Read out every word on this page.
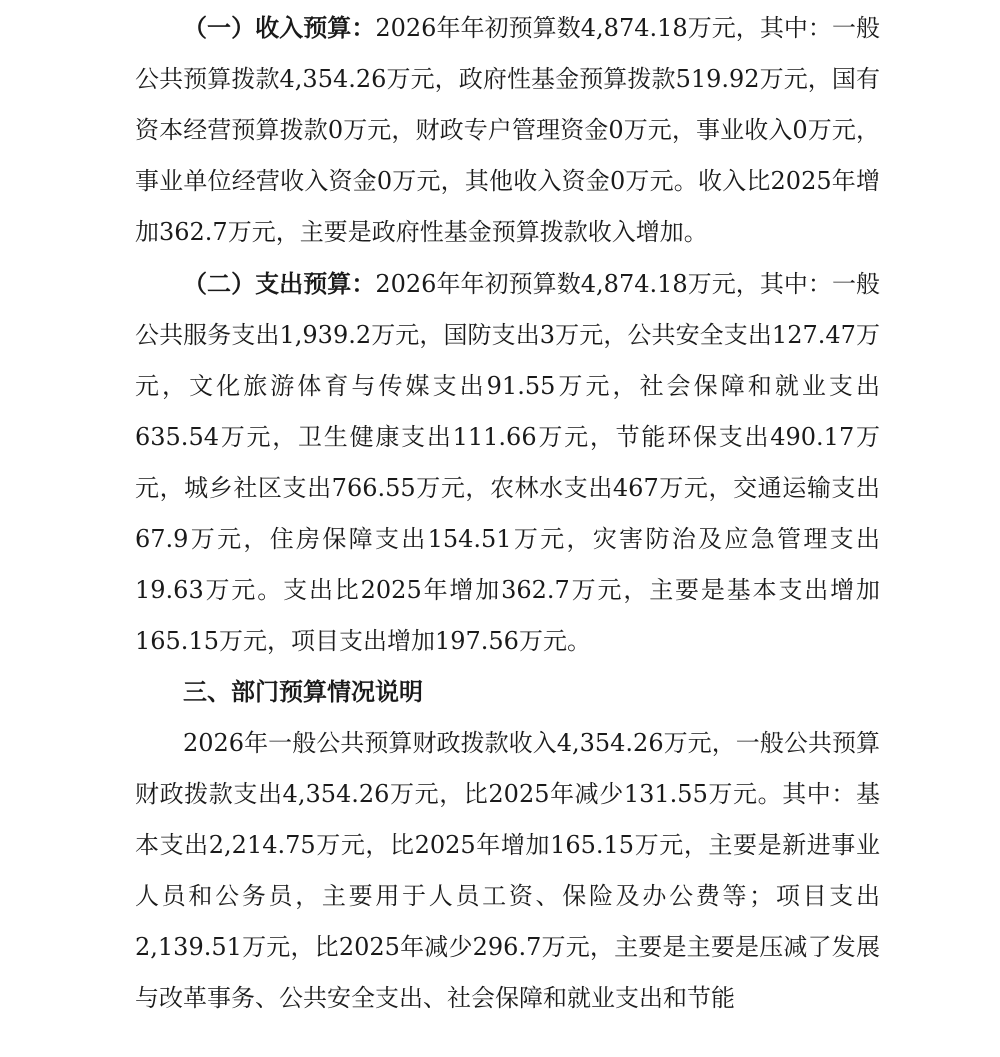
（一）收入预算：2026年年初预算数4,874.18万元，其中：一般公共预算拨款4,354.26万元，政府性基金预算拨款519.92万元，国有资本经营预算拨款0万元，财政专户管理资金0万元，事业收入0万元，事业单位经营收入资金0万元，其他收入资金0万元。收入比2025年增加362.7万元，主要是政府性基金预算拨款收入增加。

（二）支出预算：2026年年初预算数4,874.18万元，其中：一般公共服务支出1,939.2万元，国防支出3万元，公共安全支出127.47万元，文化旅游体育与传媒支出91.55万元，社会保障和就业支出635.54万元，卫生健康支出111.66万元，节能环保支出490.17万元，城乡社区支出766.55万元，农林水支出467万元，交通运输支出67.9万元，住房保障支出154.51万元，灾害防治及应急管理支出19.63万元。支出比2025年增加362.7万元，主要是基本支出增加165.15万元，项目支出增加197.56万元。

三、部门预算情况说明

2026年一般公共预算财政拨款收入4,354.26万元，一般公共预算财政拨款支出4,354.26万元，比2025年减少131.55万元。其中：基本支出2,214.75万元，比2025年增加165.15万元，主要是新进事业人员和公务员，主要用于人员工资、保险及办公费等；项目支出2,139.51万元，比2025年减少296.7万元，主要是主要是压减了发展与改革事务、公共安全支出、社会保障和就业支出和节能
